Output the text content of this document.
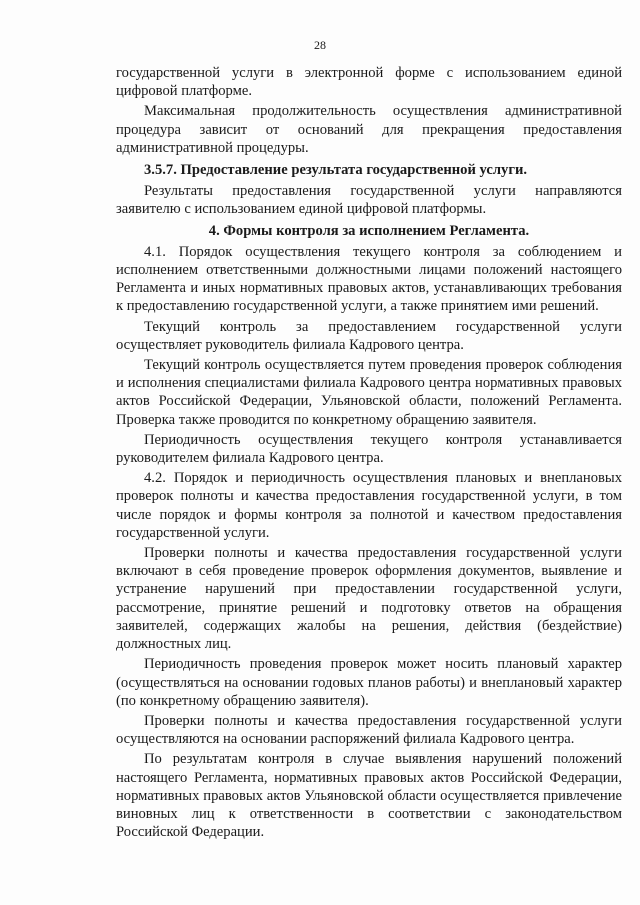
28

государственной услуги в электронной форме с использованием единой цифровой платформе.

Максимальная продолжительность осуществления административной процедура зависит от оснований для прекращения предоставления административной процедуры.

3.5.7. Предоставление результата государственной услуги.

Результаты предоставления государственной услуги направляются заявителю с использованием единой цифровой платформы.

4. Формы контроля за исполнением Регламента.

4.1. Порядок осуществления текущего контроля за соблюдением и исполнением ответственными должностными лицами положений настоящего Регламента и иных нормативных правовых актов, устанавливающих требования к предоставлению государственной услуги, а также принятием ими решений.

Текущий контроль за предоставлением государственной услуги осуществляет руководитель филиала Кадрового центра.

Текущий контроль осуществляется путем проведения проверок соблюдения и исполнения специалистами филиала Кадрового центра нормативных правовых актов Российской Федерации, Ульяновской области, положений Регламента. Проверка также проводится по конкретному обращению заявителя.

Периодичность осуществления текущего контроля устанавливается руководителем филиала Кадрового центра.

4.2. Порядок и периодичность осуществления плановых и внеплановых проверок полноты и качества предоставления государственной услуги, в том числе порядок и формы контроля за полнотой и качеством предоставления государственной услуги.

Проверки полноты и качества предоставления государственной услуги включают в себя проведение проверок оформления документов, выявление и устранение нарушений при предоставлении государственной услуги, рассмотрение, принятие решений и подготовку ответов на обращения заявителей, содержащих жалобы на решения, действия (бездействие) должностных лиц.

Периодичность проведения проверок может носить плановый характер (осуществляться на основании годовых планов работы) и внеплановый характер (по конкретному обращению заявителя).

Проверки полноты и качества предоставления государственной услуги осуществляются на основании распоряжений филиала Кадрового центра.

По результатам контроля в случае выявления нарушений положений настоящего Регламента, нормативных правовых актов Российской Федерации, нормативных правовых актов Ульяновской области осуществляется привлечение виновных лиц к ответственности в соответствии с законодательством Российской Федерации.
